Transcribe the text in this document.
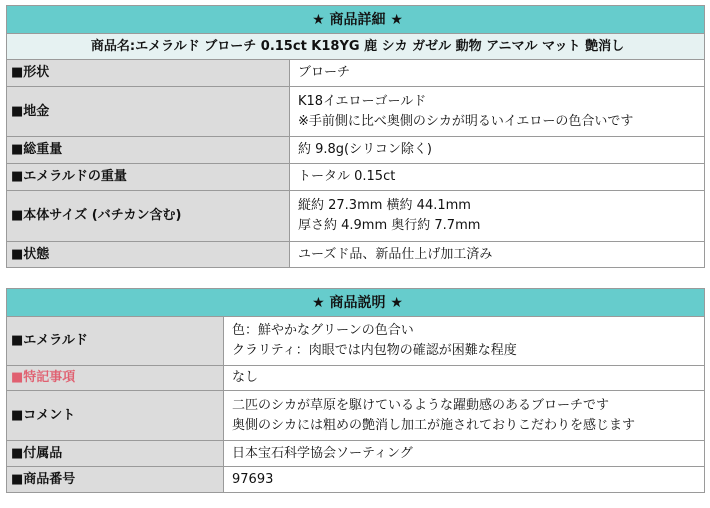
★ 商品詳細 ★	
商品名:エメラルド ブローチ 0.15ct K18YG 鹿 シカ ガゼル 動物 アニマル マット 艶消し	
■形状	ブローチ

■地金	K18イエローゴールド
※手前側に比べ奥側のシカが明るいイエローの色合いです

■総重量	約 9.8g(シリコン除く)

■エメラルドの重量	トータル 0.15ct

■本体サイズ (バチカン含む)	縦約 27.3mm 横約 44.1mm
厚さ約 4.9mm 奥行約 7.7mm

■状態	ユーズド品、新品仕上げ加工済み
★ 商品説明 ★	
■エメラルド	色：鮮やかなグリーンの色合い
クラリティ：肉眼では内包物の確認が困難な程度

■特記事項	なし

■コメント	二匹のシカが草原を駆けているような躍動感のあるブローチです
奥側のシカには粗めの艶消し加工が施されておりこだわりを感じます

■付属品	日本宝石科学協会ソーティング

■商品番号	97693
